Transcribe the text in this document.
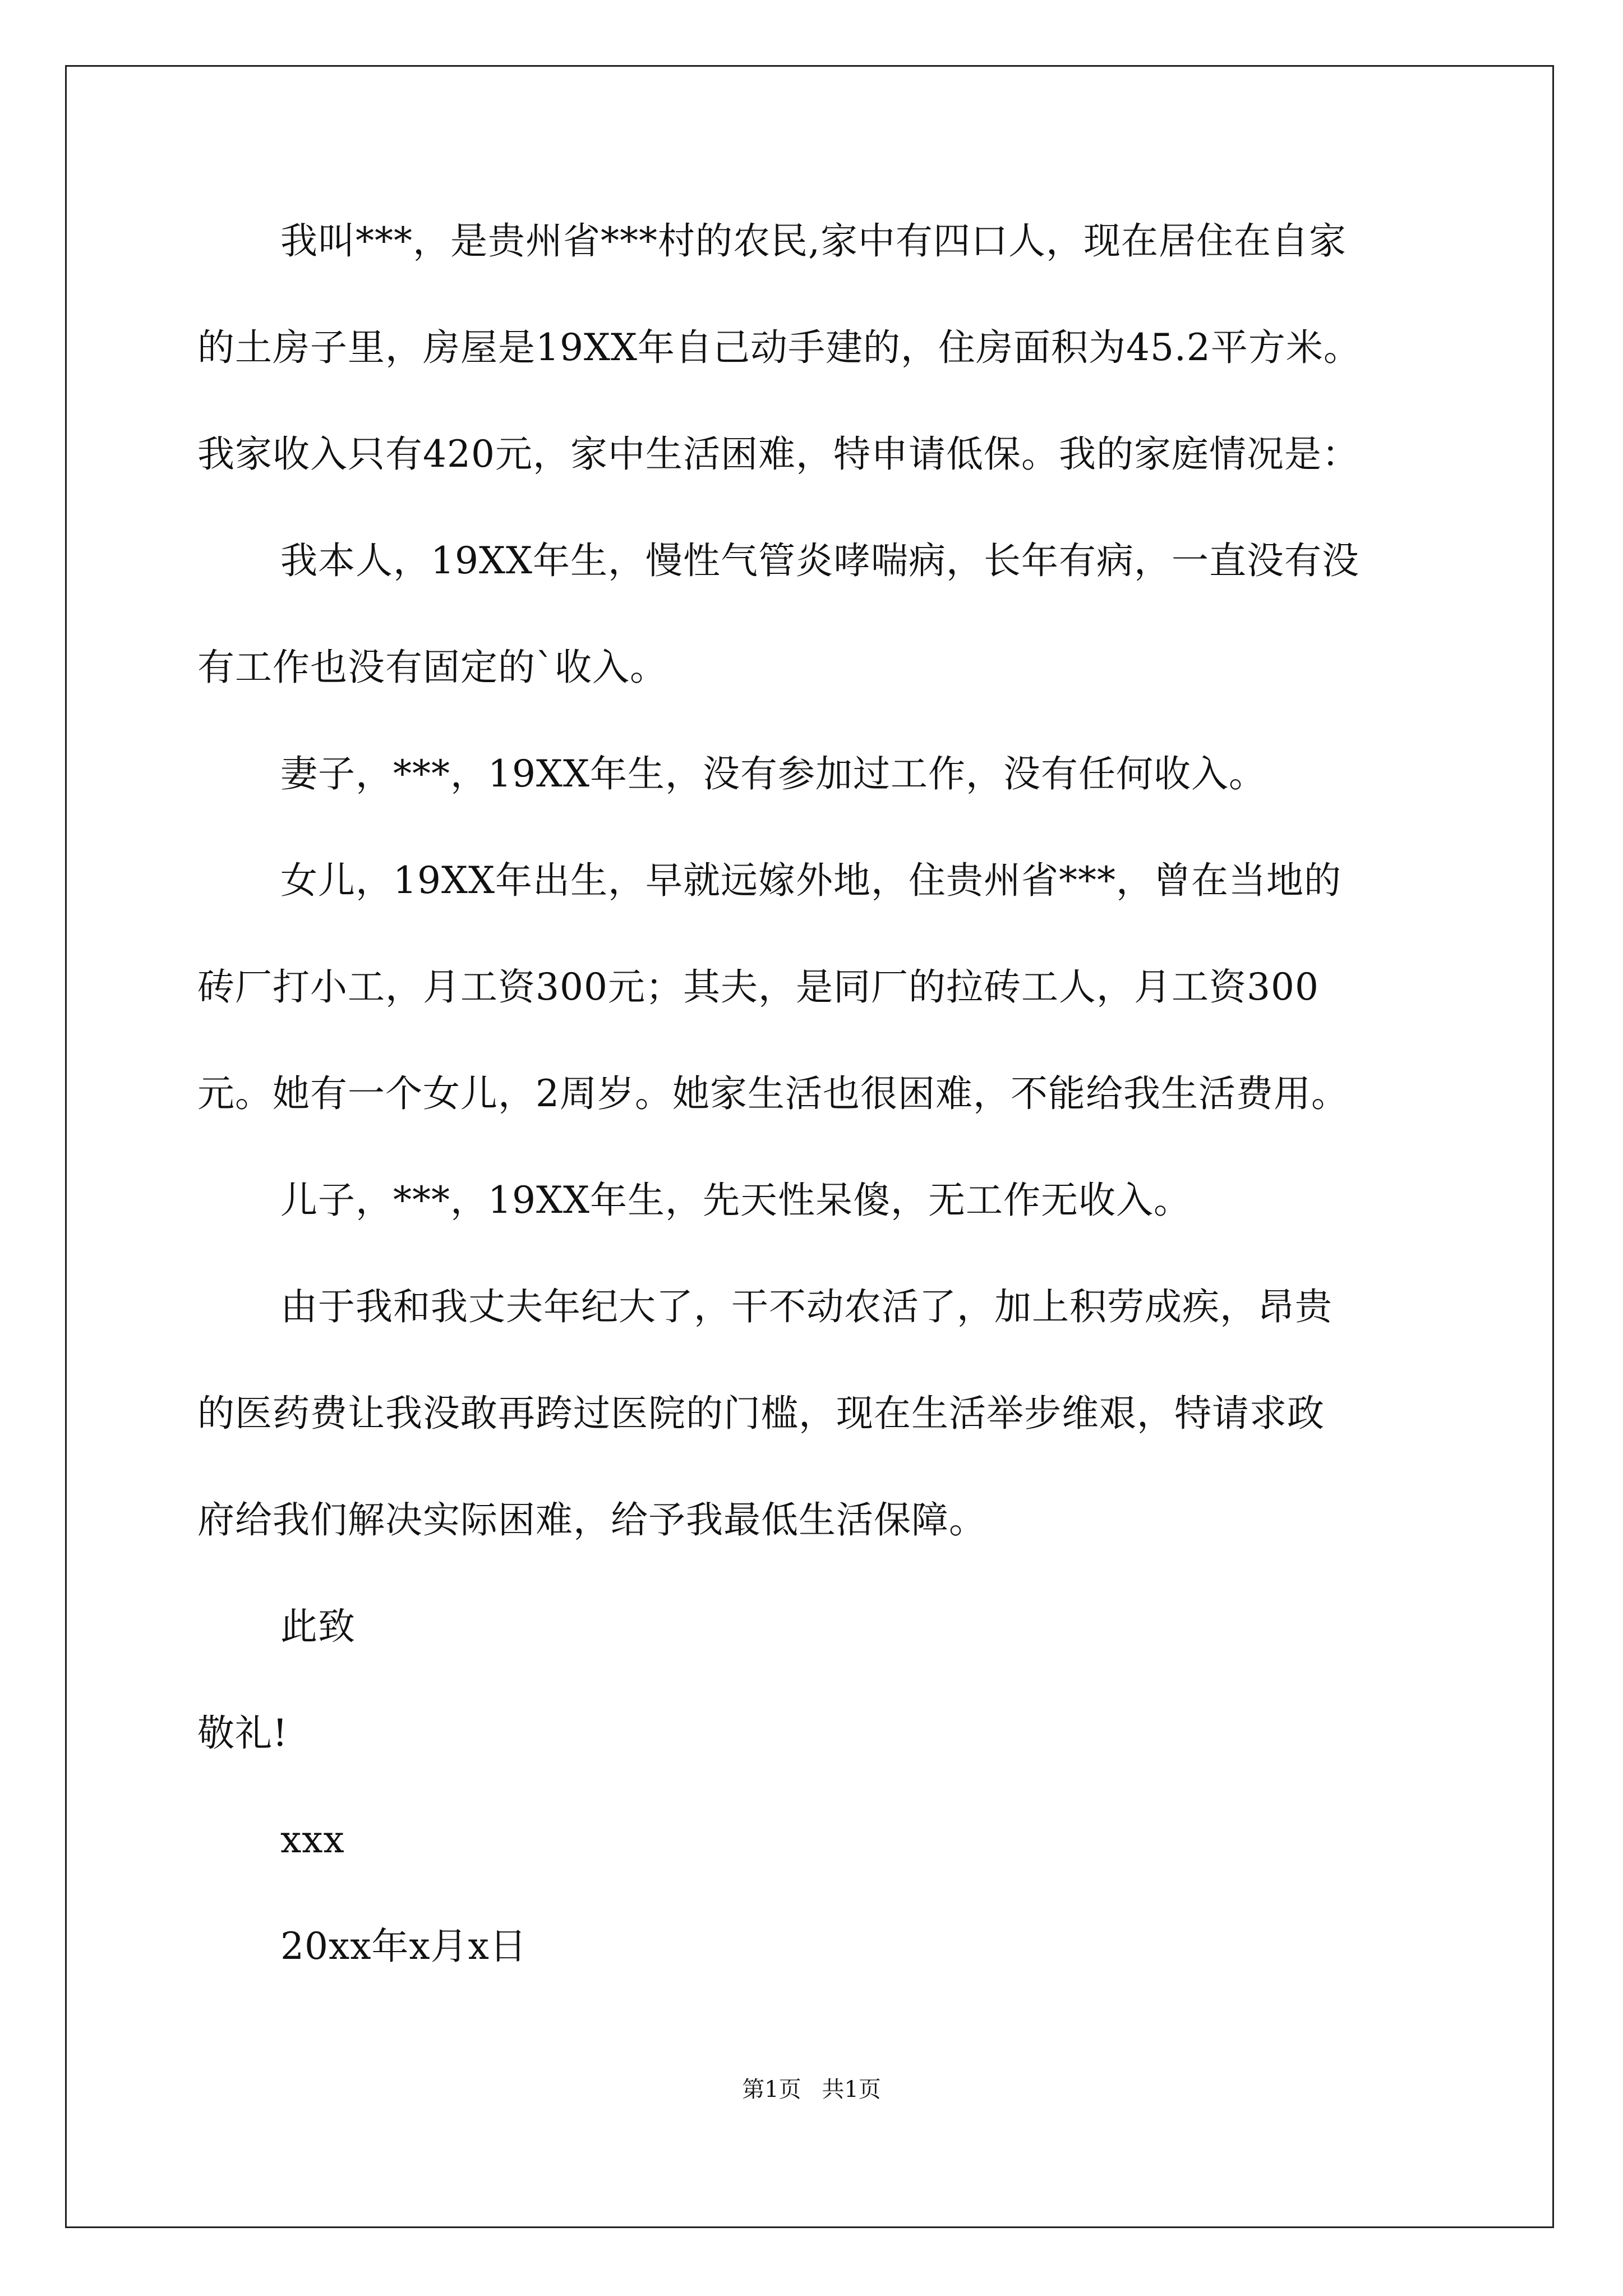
我叫***，是贵州省***村的农民,家中有四口人，现在居住在自家
的土房子里，房屋是19XX年自己动手建的，住房面积为45.2平方米。
我家收入只有420元，家中生活困难，特申请低保。我的家庭情况是：
我本人，19XX年生，慢性气管炎哮喘病，长年有病，一直没有没
有工作也没有固定的`收入。
妻子，***，19XX年生，没有参加过工作，没有任何收入。
女儿，19XX年出生，早就远嫁外地，住贵州省***，曾在当地的
砖厂打小工，月工资300元；其夫，是同厂的拉砖工人，月工资300
元。她有一个女儿，2周岁。她家生活也很困难，不能给我生活费用。
儿子，***，19XX年生，先天性呆傻，无工作无收入。
由于我和我丈夫年纪大了，干不动农活了，加上积劳成疾，昂贵
的医药费让我没敢再跨过医院的门槛，现在生活举步维艰，特请求政
府给我们解决实际困难，给予我最低生活保障。
此致
敬礼!
xxx
20xx年x月x日
第1页 共1页
